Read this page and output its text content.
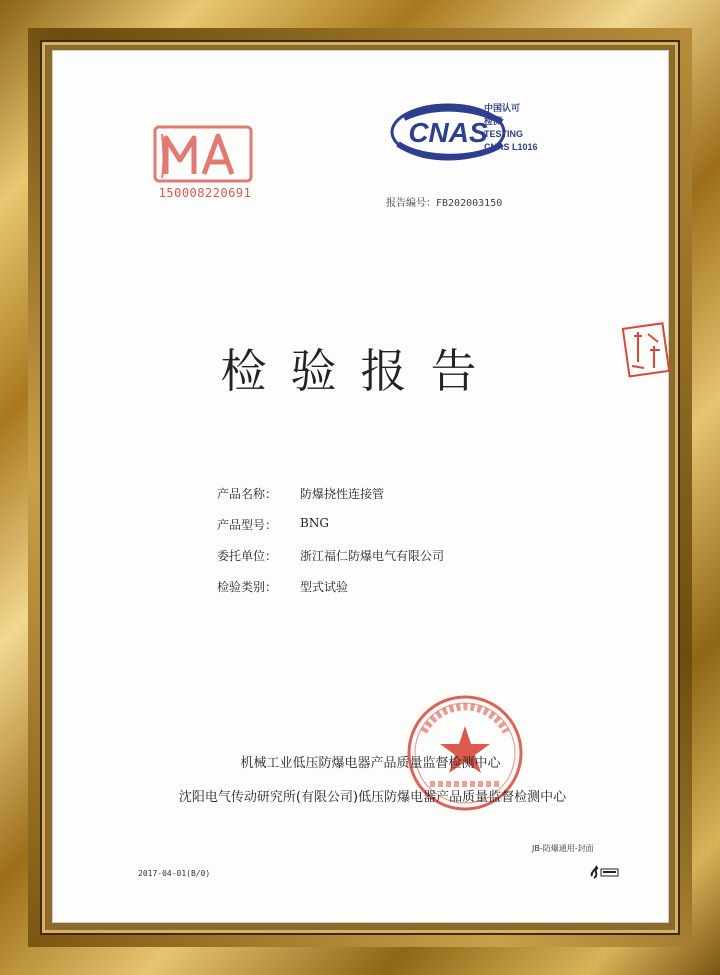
150008220691
CNAS
中国认可
检测
TESTING
CNAS L1016
报告编号：FB202003150
检验报告
产品名称：	防爆挠性连接管
产品型号：	BNG
委托单位：	浙江福仁防爆电气有限公司
检验类别：	型式试验
机械工业低压防爆电器产品质量监督检测中心
沈阳电气传动研究所(有限公司)低压防爆电器产品质量监督检测中心
JB-防爆通用-封面
2017-04-01(B/0)
